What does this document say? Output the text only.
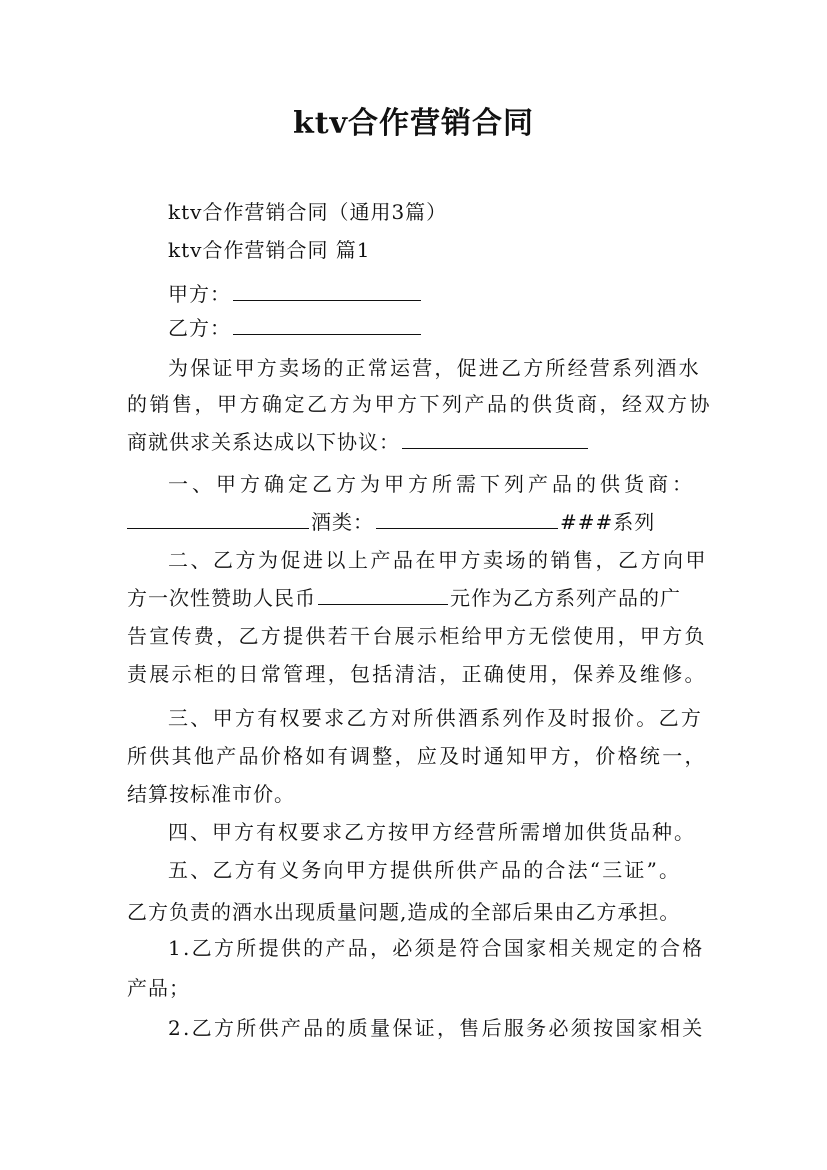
ktv合作营销合同
ktv合作营销合同（通用3篇）
ktv合作营销合同 篇1
甲方：
乙方：
为保证甲方卖场的正常运营，促进乙方所经营系列酒水
的销售，甲方确定乙方为甲方下列产品的供货商，经双方协
商就供求关系达成以下协议：
一、甲方确定乙方为甲方所需下列产品的供货商：
酒类：	###系列
二、乙方为促进以上产品在甲方卖场的销售，乙方向甲
方一次性赞助人民币	元作为乙方系列产品的广
告宣传费，乙方提供若干台展示柜给甲方无偿使用，甲方负
责展示柜的日常管理，包括清洁，正确使用，保养及维修。
三、甲方有权要求乙方对所供酒系列作及时报价。乙方
所供其他产品价格如有调整，应及时通知甲方，价格统一，
结算按标准市价。
四、甲方有权要求乙方按甲方经营所需增加供货品种。
五、乙方有义务向甲方提供所供产品的合法“三证”。
乙方负责的酒水出现质量问题,造成的全部后果由乙方承担。
1.乙方所提供的产品，必须是符合国家相关规定的合格
产品；
2.乙方所供产品的质量保证，售后服务必须按国家相关
